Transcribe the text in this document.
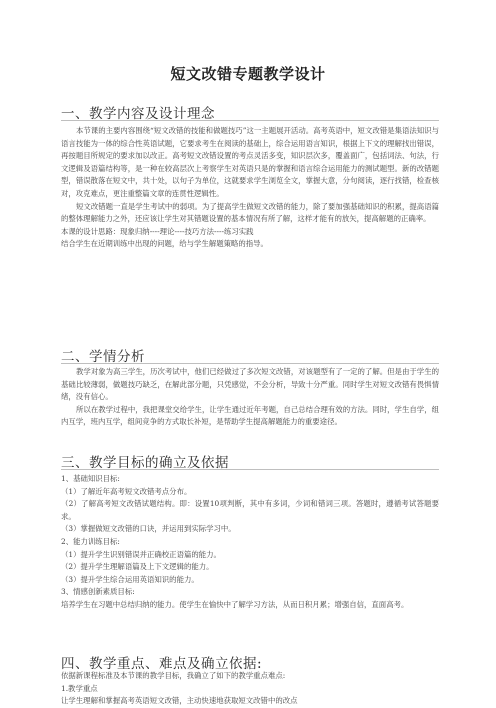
短文改错专题教学设计
一、教学内容及设计理念

本节课的主要内容围绕“短文改错的技能和做题技巧”这一主题展开活动。高考英语中，短文改错是集语法知识与语言技能为一体的综合性英语试题，它要求考生在阅读的基础上，综合运用语言知识，根据上下文的理解找出错误，再按题目所规定的要求加以改正。高考短文改错设置的考点灵活多变，知识层次多，覆盖面广，包括词法、句法，行文逻辑及语篇结构等，是一种在较高层次上考察学生对英语只是的掌握和语言综合运用能力的测试题型。新的改错题型，错误散落在短文中，共十处，以句子为单位，这就要求学生浏览全文，掌握大意，分句阅读，逐行找错，检查核对，攻克难点，更注重整篇文章的连贯性逻辑性。

短文改错题一直是学生考试中的弱项。为了提高学生做短文改错的能力，除了要加强基础知识的积累，提高语篇的整体理解能力之外，还应该让学生对其错题设置的基本情况有所了解，这样才能有的放矢，提高解题的正确率。

本课的设计思路：现象归纳----理论----技巧方法----练习实践

结合学生在近期训练中出现的问题，给与学生解题策略的指导。

二、学情分析

教学对象为高三学生，历次考试中，他们已经做过了多次短文改错，对该题型有了一定的了解。但是由于学生的基础比较薄弱，做题技巧缺乏，在解此部分题，只凭感觉，不会分析，导致十分严重。同时学生对短文改错有畏惧情绪，没有信心。

所以在教学过程中，我把课堂交给学生，让学生通过近年考题，自己总结合理有效的方法。同时，学生自学，组内互学，班内互学，组间竞争的方式取长补短，是帮助学生提高解题能力的重要途径。

三、教学目标的确立及依据

1、基础知识目标:

（1）了解近年高考短文改错考点分布。

（2）了解高考短文改错试题结构。即：设置10项判断，其中有多词，少词和错词三项。答题时，遵循考试答题要求。

（3）掌握做短文改错的口诀，并运用到实际学习中。

2、能力训练目标:

（1）提升学生识别错误并正确校正语篇的能力。

（2）提升学生理解语篇及上下文逻辑的能力。

（3）提升学生综合运用英语知识的能力。

3、情感创新素质目标:

培养学生在习题中总结归纳的能力。使学生在愉快中了解学习方法，从而日积月累；增强自信，直面高考。

四、教学重点、难点及确立依据:

依据新课程标准及本节课的教学目标，我确立了如下的教学重点难点:

1.教学重点

让学生理解和掌握高考英语短文改错，主动快速地获取短文改错中的改点
